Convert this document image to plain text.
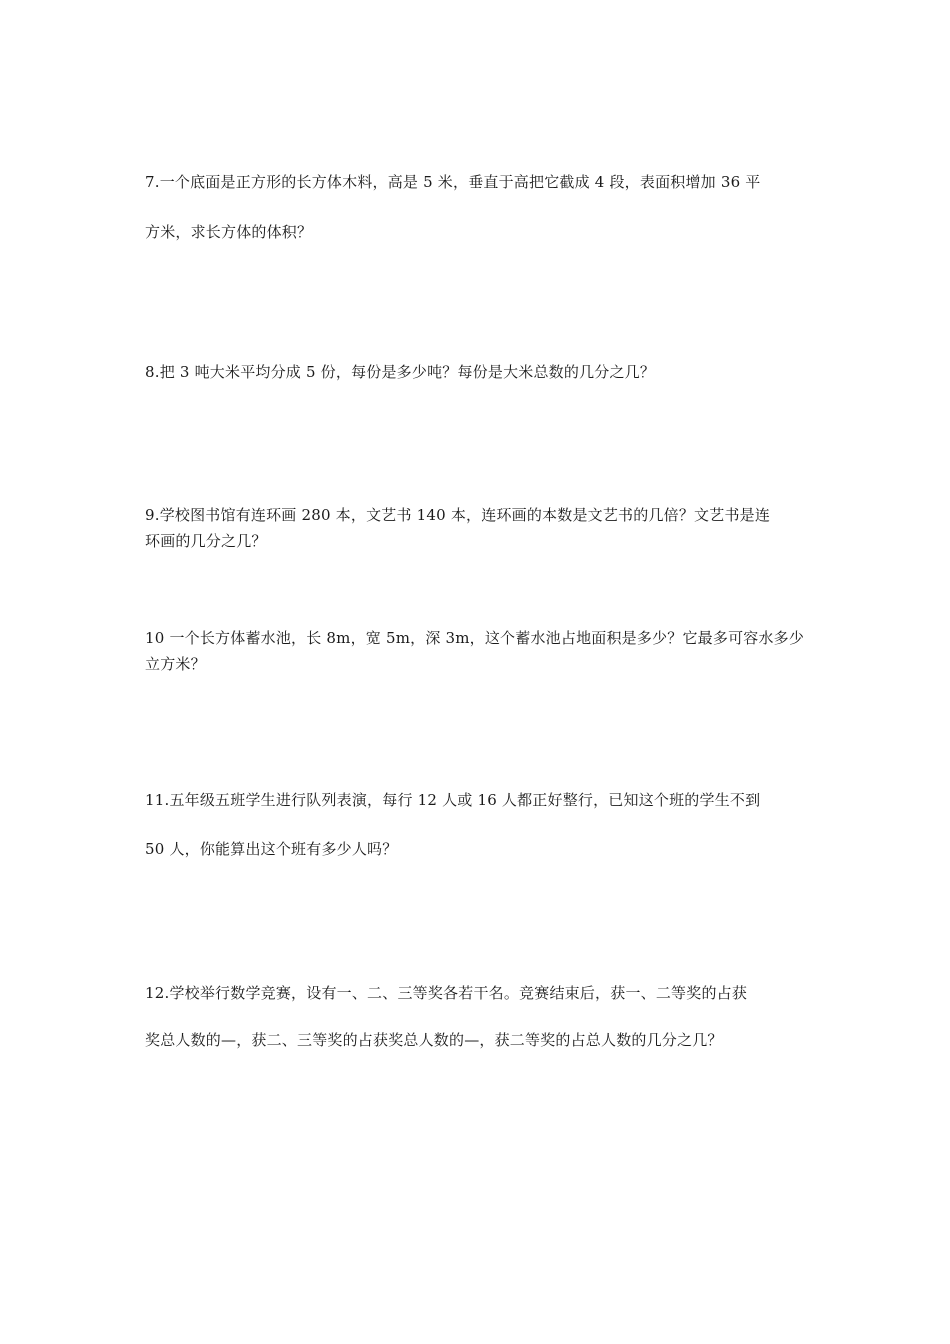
7.一个底面是正方形的长方体木料，高是 5 米，垂直于高把它截成 4 段，表面积增加 36 平
方米，求长方体的体积？
8.把 3 吨大米平均分成 5 份，每份是多少吨？每份是大米总数的几分之几？
9.学校图书馆有连环画 280 本，文艺书 140 本，连环画的本数是文艺书的几倍？文艺书是连
环画的几分之几？
10 一个长方体蓄水池，长 8m，宽 5m，深 3m，这个蓄水池占地面积是多少？它最多可容水多少
立方米？
11.五年级五班学生进行队列表演，每行 12 人或 16 人都正好整行，已知这个班的学生不到
50 人，你能算出这个班有多少人吗？
12.学校举行数学竞赛，设有一、二、三等奖各若干名。竞赛结束后，获一、二等奖的占获
奖总人数的—，获二、三等奖的占获奖总人数的—，获二等奖的占总人数的几分之几？
